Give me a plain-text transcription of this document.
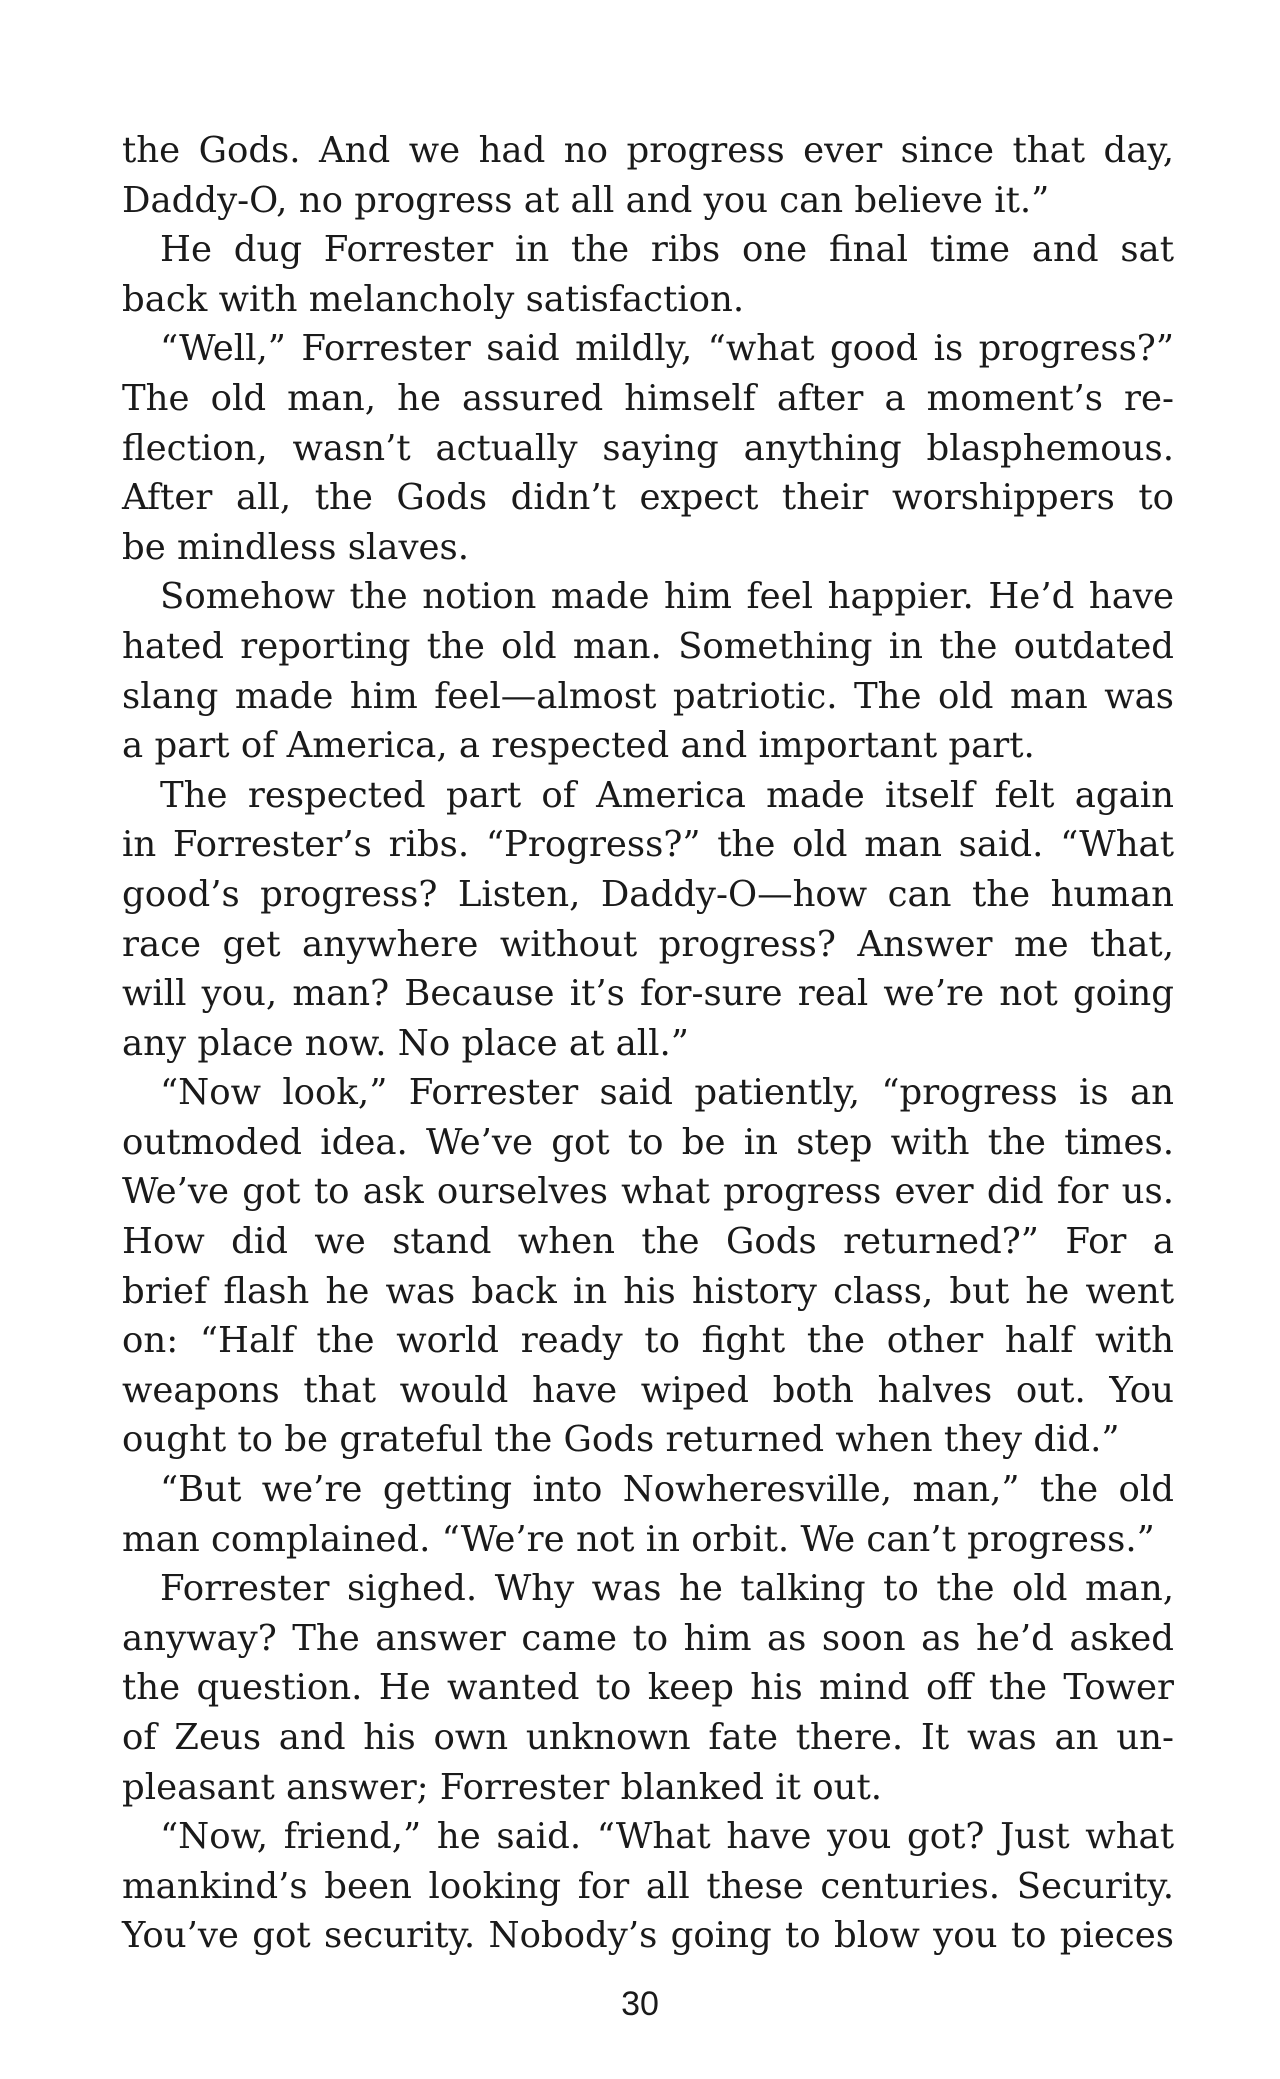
the Gods. And we had no progress ever since that day,
Daddy-O, no progress at all and you can believe it.”
He dug Forrester in the ribs one final time and sat
back with melancholy satisfaction.
“Well,” Forrester said mildly, “what good is progress?”
The old man, he assured himself after a moment’s re-
flection, wasn’t actually saying anything blasphemous.
After all, the Gods didn’t expect their worshippers to
be mindless slaves.
Somehow the notion made him feel happier. He’d have
hated reporting the old man. Something in the outdated
slang made him feel—almost patriotic. The old man was
a part of America, a respected and important part.
The respected part of America made itself felt again
in Forrester’s ribs. “Progress?” the old man said. “What
good’s progress? Listen, Daddy-O—how can the human
race get anywhere without progress? Answer me that,
will you, man? Because it’s for-sure real we’re not going
any place now. No place at all.”
“Now look,” Forrester said patiently, “progress is an
outmoded idea. We’ve got to be in step with the times.
We’ve got to ask ourselves what progress ever did for us.
How did we stand when the Gods returned?” For a
brief flash he was back in his history class, but he went
on: “Half the world ready to fight the other half with
weapons that would have wiped both halves out. You
ought to be grateful the Gods returned when they did.”
“But we’re getting into Nowheresville, man,” the old
man complained. “We’re not in orbit. We can’t progress.”
Forrester sighed. Why was he talking to the old man,
anyway? The answer came to him as soon as he’d asked
the question. He wanted to keep his mind off the Tower
of Zeus and his own unknown fate there. It was an un-
pleasant answer; Forrester blanked it out.
“Now, friend,” he said. “What have you got? Just what
mankind’s been looking for all these centuries. Security.
You’ve got security. Nobody’s going to blow you to pieces
30
